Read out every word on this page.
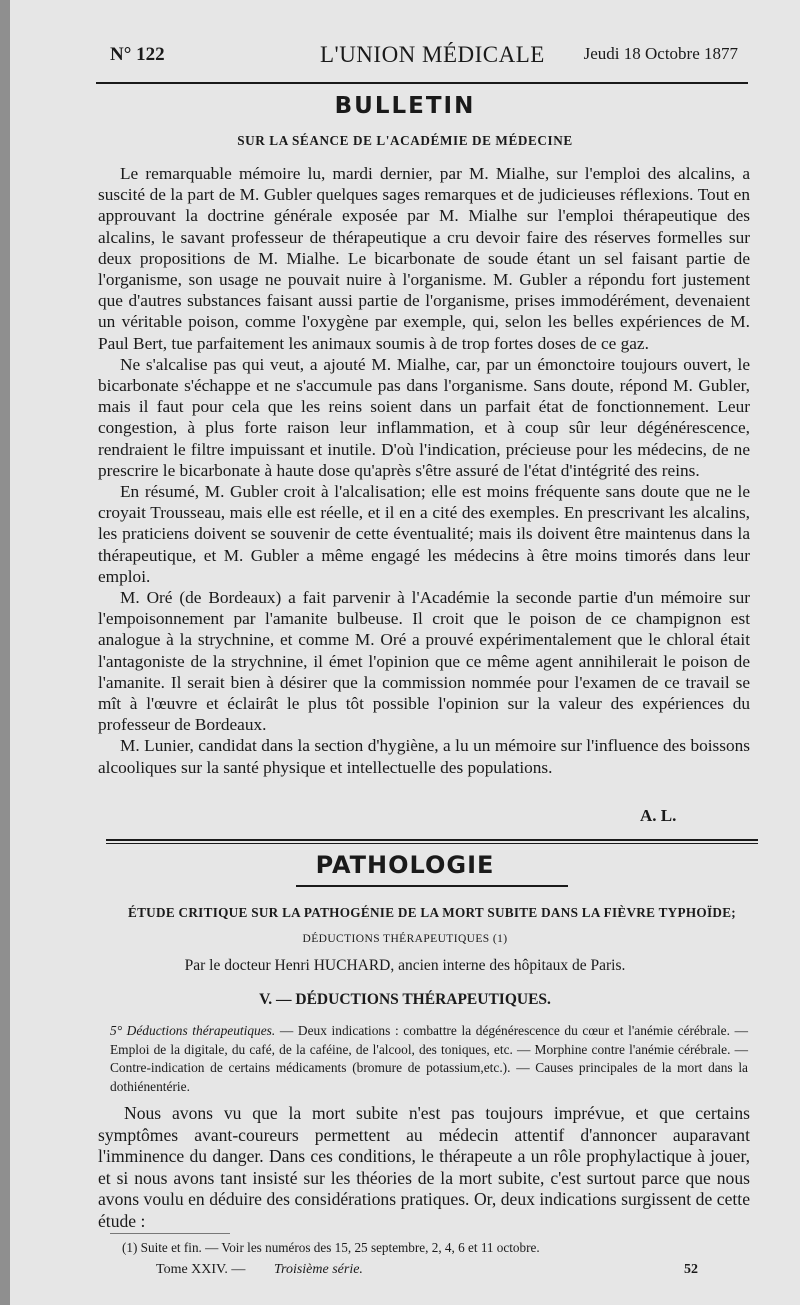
N° 122	L'UNION MÉDICALE Jeudi 18 Octobre 1877
BULLETIN
SUR LA SÉANCE DE L'ACADÉMIE DE MÉDECINE

Le remarquable mémoire lu, mardi dernier, par M. Mialhe, sur l'emploi des alcalins, a suscité de la part de M. Gubler quelques sages remarques et de judicieuses réflexions. Tout en approuvant la doctrine générale exposée par M. Mialhe sur l'emploi thérapeutique des alcalins, le savant professeur de thérapeutique a cru devoir faire des réserves formelles sur deux propositions de M. Mialhe. Le bicarbonate de soude étant un sel faisant partie de l'organisme, son usage ne pouvait nuire à l'organisme. M. Gubler a répondu fort justement que d'autres substances faisant aussi partie de l'organisme, prises immodérément, devenaient un véritable poison, comme l'oxygène par exemple, qui, selon les belles expériences de M. Paul Bert, tue parfaitement les animaux soumis à de trop fortes doses de ce gaz.

Ne s'alcalise pas qui veut, a ajouté M. Mialhe, car, par un émonctoire toujours ouvert, le bicarbonate s'échappe et ne s'accumule pas dans l'organisme. Sans doute, répond M. Gubler, mais il faut pour cela que les reins soient dans un parfait état de fonctionnement. Leur congestion, à plus forte raison leur inflammation, et à coup sûr leur dégénérescence, rendraient le filtre impuissant et inutile. D'où l'indication, précieuse pour les médecins, de ne prescrire le bicarbonate à haute dose qu'après s'être assuré de l'état d'intégrité des reins.

En résumé, M. Gubler croit à l'alcalisation; elle est moins fréquente sans doute que ne le croyait Trousseau, mais elle est réelle, et il en a cité des exemples. En prescrivant les alcalins, les praticiens doivent se souvenir de cette éventualité; mais ils doivent être maintenus dans la thérapeutique, et M. Gubler a même engagé les médecins à être moins timorés dans leur emploi.

M. Oré (de Bordeaux) a fait parvenir à l'Académie la seconde partie d'un mémoire sur l'empoisonnement par l'amanite bulbeuse. Il croit que le poison de ce champignon est analogue à la strychnine, et comme M. Oré a prouvé expérimentalement que le chloral était l'antagoniste de la strychnine, il émet l'opinion que ce même agent annihilerait le poison de l'amanite. Il serait bien à désirer que la commission nommée pour l'examen de ce travail se mît à l'œuvre et éclairât le plus tôt possible l'opinion sur la valeur des expériences du professeur de Bordeaux.

M. Lunier, candidat dans la section d'hygiène, a lu un mémoire sur l'influence des boissons alcooliques sur la santé physique et intellectuelle des populations.

A. L.
PATHOLOGIE
ÉTUDE CRITIQUE SUR LA PATHOGÉNIE DE LA MORT SUBITE DANS LA FIÈVRE TYPHOÏDE;
DÉDUCTIONS THÉRAPEUTIQUES (1)
Par le docteur Henri HUCHARD, ancien interne des hôpitaux de Paris.
V. — DÉDUCTIONS THÉRAPEUTIQUES.
5° Déductions thérapeutiques. — Deux indications : combattre la dégénérescence du cœur et l'anémie cérébrale. — Emploi de la digitale, du café, de la caféine, de l'alcool, des toniques, etc. — Morphine contre l'anémie cérébrale. — Contre-indication de certains médicaments (bromure de potassium,etc.). — Causes principales de la mort dans la dothiénentérie.

Nous avons vu que la mort subite n'est pas toujours imprévue, et que certains symptômes avant-coureurs permettent au médecin attentif d'annoncer auparavant l'imminence du danger. Dans ces conditions, le thérapeute a un rôle prophylactique à jouer, et si nous avons tant insisté sur les théories de la mort subite, c'est surtout parce que nous avons voulu en déduire des considérations pratiques. Or, deux indications surgissent de cette étude :

(1) Suite et fin. — Voir les numéros des 15, 25 septembre, 2, 4, 6 et 11 octobre.
Tome XXIV. — Troisième série.	52
